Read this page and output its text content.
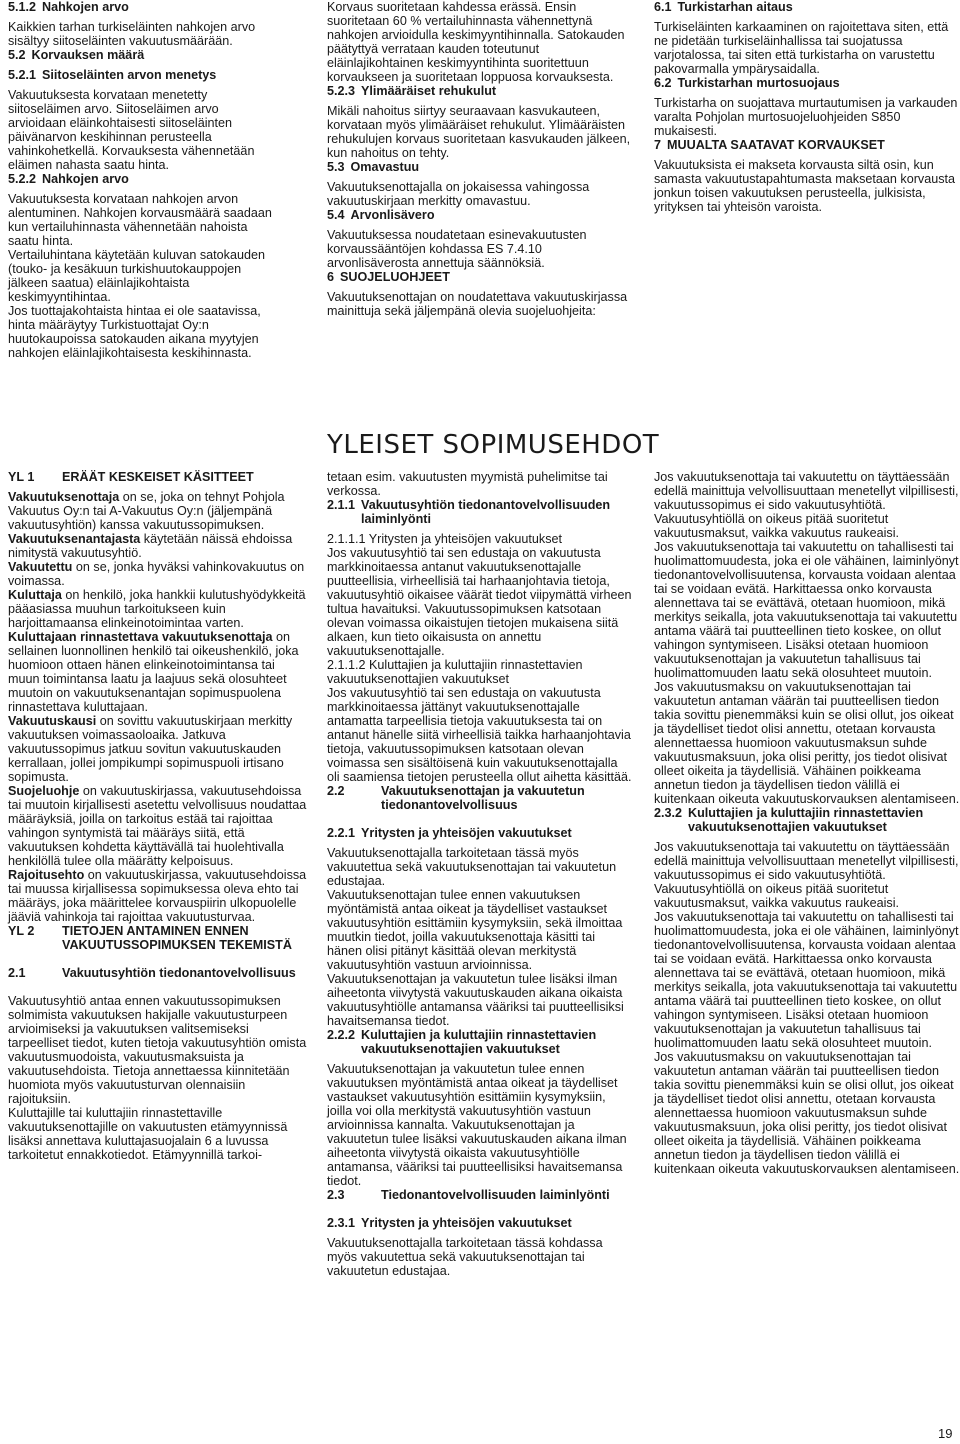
5.1.2 Nahkojen arvo

Kaikkien tarhan turkiseläinten nahkojen arvo sisältyy siitoseläinten vakuutusmäärään.

5.2 Korvauksen määrä
5.2.1 Siitoseläinten arvon menetys

Vakuutuksesta korvataan menetetty siitoseläimen arvo. Siitoseläimen arvo arvioidaan eläinkohtaisesti siitoseläinten päivänarvon keskihinnan perusteella vahinkohetkellä. Korvauksesta vähennetään eläimen nahasta saatu hinta.

5.2.2 Nahkojen arvo

Vakuutuksesta korvataan nahkojen arvon alentuminen. Nahkojen korvausmäärä saadaan kun vertailuhinnasta vähennetään nahoista saatu hinta.

Vertailuhintana käytetään kuluvan satokauden (touko- ja kesäkuun turkishuutokauppojen jälkeen saatua) eläinlajikohtaista keskimyyntihintaa.

Jos tuottajakohtaista hintaa ei ole saatavissa, hinta määräytyy Turkistuottajat Oy:n huutokaupoissa satokauden aikana myytyjen nahkojen eläinlajikohtaisesta keskihinnasta.

Korvaus suoritetaan kahdessa erässä. Ensin suoritetaan 60 % vertailuhinnasta vähennettynä nahkojen arvioidulla keskimyyntihinnalla. Satokauden päätyttyä verrataan kauden toteutunut eläinlajikohtainen keskimyyntihinta suoritettuun korvaukseen ja suoritetaan loppuosa korvauksesta.

5.2.3 Ylimääräiset rehukulut

Mikäli nahoitus siirtyy seuraavaan kasvukauteen, korvataan myös ylimääräiset rehukulut. Ylimääräisten rehukulujen korvaus suoritetaan kasvukauden jälkeen, kun nahoitus on tehty.

5.3 Omavastuu

Vakuutuksenottajalla on jokaisessa vahingossa vakuutuskirjaan merkitty omavastuu.

5.4 Arvonlisävero

Vakuutuksessa noudatetaan esinevakuutusten korvaussääntöjen kohdassa ES 7.4.10 arvonlisäverosta annettuja säännöksiä.

6 SUOJELUOHJEET

Vakuutuksenottajan on noudatettava vakuutuskirjassa mainittuja sekä jäljempänä olevia suojeluohjeita:

6.1 Turkistarhan aitaus

Turkiseläinten karkaaminen on rajoitettava siten, että ne pidetään turkiseläinhallissa tai suojatussa varjotalossa, tai siten että turkistarha on varustettu pakovarmalla ympärysaidalla.

6.2 Turkistarhan murtosuojaus

Turkistarha on suojattava murtautumisen ja varkauden varalta Pohjolan murtosuojeluohjeiden S850 mukaisesti.

7 MUUALTA SAATAVAT KORVAUKSET

Vakuutuksista ei makseta korvausta siltä osin, kun samasta vakuutustapahtumasta maksetaan korvausta jonkun toisen vakuutuksen perusteella, julkisista, yrityksen tai yhteisön varoista.

YLEISET SOPIMUSEHDOT
YL 1	ERÄÄT KESKEISET KÄSITTEET

Vakuutuksenottaja on se, joka on tehnyt Pohjola Vakuutus Oy:n tai A-Vakuutus Oy:n (jäljempänä vakuutusyhtiön) kanssa vakuutussopimuksen.

Vakuutuksenantajasta käytetään näissä ehdoissa nimitystä vakuutusyhtiö.

Vakuutettu on se, jonka hyväksi vahinkovakuutus on voimassa.

Kuluttaja on henkilö, joka hankkii kulutushyödykkeitä pääasiassa muuhun tarkoitukseen kuin harjoittamaansa elinkeinotoimintaa varten.

Kuluttajaan rinnastettava vakuutuksenottaja on sellainen luonnollinen henkilö tai oikeushenkilö, joka huomioon ottaen hänen elinkeinotoimintansa tai muun toimintansa laatu ja laajuus sekä olosuhteet muutoin on vakuutuksenantajan sopimuspuolena rinnastettava kuluttajaan.

Vakuutuskausi on sovittu vakuutuskirjaan merkitty vakuutuksen voimassaoloaika. Jatkuva vakuutussopimus jatkuu sovitun vakuutuskauden kerrallaan, jollei jompikumpi sopimuspuoli irtisano sopimusta.

Suojeluohje on vakuutuskirjassa, vakuutusehdoissa tai muutoin kirjallisesti asetettu velvollisuus noudattaa määräyksiä, joilla on tarkoitus estää tai rajoittaa vahingon syntymistä tai määräys siitä, että vakuutuksen kohdetta käyttävällä tai huolehtivalla henkilöllä tulee olla määrätty kelpoisuus.

Rajoitusehto on vakuutuskirjassa, vakuutusehdoissa tai muussa kirjallisessa sopimuksessa oleva ehto tai määräys, joka määrittelee korvauspiirin ulkopuolelle jääviä vahinkoja tai rajoittaa vakuutusturvaa.

YL 2	TIETOJEN ANTAMINEN ENNEN VAKUUTUSSOPIMUKSEN TEKEMISTÄ
2.1	Vakuutusyhtiön tiedonantovelvollisuus

Vakuutusyhtiö antaa ennen vakuutussopimuksen solmimista vakuutuksen hakijalle vakuutusturpeen arvioimiseksi ja vakuutuksen valitsemiseksi tarpeelliset tiedot, kuten tietoja vakuutusyhtiön omista vakuutusmuodoista, vakuutusmaksuista ja vakuutusehdoista. Tietoja annettaessa kiinnitetään huomiota myös vakuutusturvan olennaisiin rajoituksiin.

Kuluttajille tai kuluttajiin rinnastettaville vakuutuksenottajille on vakuutusten etämyynnissä lisäksi annettava kuluttajasuojalain 6 a luvussa tarkoitetut ennakkotiedot. Etämyynnillä tarkoi-

tetaan esim. vakuutusten myymistä puhelimitse tai verkossa.

2.1.1 Vakuutusyhtiön tiedonantovelvollisuuden laiminlyönti

2.1.1.1 Yritysten ja yhteisöjen vakuutukset
Jos vakuutusyhtiö tai sen edustaja on vakuutusta markkinoitaessa antanut vakuutuksenottajalle puutteellisia, virheellisiä tai harhaanjohtavia tietoja, vakuutusyhtiö oikaisee väärät tiedot viipymättä virheen tultua havaituksi. Vakuutussopimuksen katsotaan olevan voimassa oikaistujen tietojen mukaisena siitä alkaen, kun tieto oikaisusta on annettu vakuutuksenottajalle.

2.1.1.2 Kuluttajien ja kuluttajiin rinnastettavien vakuutuksenottajien vakuutukset
Jos vakuutusyhtiö tai sen edustaja on vakuutusta markkinoitaessa jättänyt vakuutuksenottajalle antamatta tarpeellisia tietoja vakuutuksesta tai on antanut hänelle siitä virheellisiä taikka harhaanjohtavia tietoja, vakuutussopimuksen katsotaan olevan voimassa sen sisältöisenä kuin vakuutuksenottajalla oli saamiensa tietojen perusteella ollut aihetta käsittää.

2.2	Vakuutuksenottajan ja vakuutetun tiedonantovelvollisuus
2.2.1 Yritysten ja yhteisöjen vakuutukset

Vakuutuksenottajalla tarkoitetaan tässä myös vakuutettua sekä vakuutuksenottajan tai vakuutetun edustajaa.

Vakuutuksenottajan tulee ennen vakuutuksen myöntämistä antaa oikeat ja täydelliset vastaukset vakuutusyhtiön esittämiin kysymyksiin, sekä ilmoittaa muutkin tiedot, joilla vakuutuksenottaja käsitti tai hänen olisi pitänyt käsittää olevan merkitystä vakuutusyhtiön vastuun arvioinnissa. Vakuutuksenottajan ja vakuutetun tulee lisäksi ilman aiheetonta viivytystä vakuutuskauden aikana oikaista vakuutusyhtiölle antamansa vääriksi tai puutteellisiksi havaitsemansa tiedot.

2.2.2 Kuluttajien ja kuluttajiin rinnastettavien vakuutuksenottajien vakuutukset

Vakuutuksenottajan ja vakuutetun tulee ennen vakuutuksen myöntämistä antaa oikeat ja täydelliset vastaukset vakuutusyhtiön esittämiin kysymyksiin, joilla voi olla merkitystä vakuutusyhtiön vastuun arvioinnissa kannalta. Vakuutuksenottajan ja vakuutetun tulee lisäksi vakuutuskauden aikana ilman aiheetonta viivytystä oikaista vakuutusyhtiölle antamansa, vääriksi tai puutteellisiksi havaitsemansa tiedot.

2.3	Tiedonantovelvollisuuden laiminlyönti
2.3.1 Yritysten ja yhteisöjen vakuutukset

Vakuutuksenottajalla tarkoitetaan tässä kohdassa myös vakuutettua sekä vakuutuksenottajan tai vakuutetun edustajaa.

Jos vakuutuksenottaja tai vakuutettu on täyttäessään edellä mainittuja velvollisuuttaan menetellyt vilpillisesti, vakuutussopimus ei sido vakuutusyhtiötä. Vakuutusyhtiöllä on oikeus pitää suoritetut vakuutusmaksut, vaikka vakuutus raukeaisi.

Jos vakuutuksenottaja tai vakuutettu on tahallisesti tai huolimattomuudesta, joka ei ole vähäinen, laiminlyönyt tiedonantovelvollisuutensa, korvausta voidaan alentaa tai se voidaan evätä. Harkittaessa onko korvausta alennettava tai se evättävä, otetaan huomioon, mikä merkitys seikalla, jota vakuutuksenottaja tai vakuutettu antama väärä tai puutteellinen tieto koskee, on ollut vahingon syntymiseen. Lisäksi otetaan huomioon vakuutuksenottajan ja vakuutetun tahallisuus tai huolimattomuuden laatu sekä olosuhteet muutoin.

Jos vakuutusmaksu on vakuutuksenottajan tai vakuutetun antaman väärän tai puutteellisen tiedon takia sovittu pienemmäksi kuin se olisi ollut, jos oikeat ja täydelliset tiedot olisi annettu, otetaan korvausta alennettaessa huomioon vakuutusmaksun suhde vakuutusmaksuun, joka olisi peritty, jos tiedot olisivat olleet oikeita ja täydellisiä. Vähäinen poikkeama annetun tiedon ja täydellisen tiedon välillä ei kuitenkaan oikeuta vakuutuskorvauksen alentamiseen.

2.3.2 Kuluttajien ja kuluttajiin rinnastettavien vakuutuksenottajien vakuutukset

Jos vakuutuksenottaja tai vakuutettu on täyttäessään edellä mainittuja velvollisuuttaan menetellyt vilpillisesti, vakuutussopimus ei sido vakuutusyhtiötä. Vakuutusyhtiöllä on oikeus pitää suoritetut vakuutusmaksut, vaikka vakuutus raukeaisi.

Jos vakuutuksenottaja tai vakuutettu on tahallisesti tai huolimattomuudesta, joka ei ole vähäinen, laiminlyönyt tiedonantovelvollisuutensa, korvausta voidaan alentaa tai se voidaan evätä. Harkittaessa onko korvausta alennettava tai se evättävä, otetaan huomioon, mikä merkitys seikalla, jota vakuutuksenottaja tai vakuutettu antama väärä tai puutteellinen tieto koskee, on ollut vahingon syntymiseen. Lisäksi otetaan huomioon vakuutuksenottajan ja vakuutetun tahallisuus tai huolimattomuuden laatu sekä olosuhteet muutoin.

Jos vakuutusmaksu on vakuutuksenottajan tai vakuutetun antaman väärän tai puutteellisen tiedon takia sovittu pienemmäksi kuin se olisi ollut, jos oikeat ja täydelliset tiedot olisi annettu, otetaan korvausta alennettaessa huomioon vakuutusmaksun suhde vakuutusmaksuun, joka olisi peritty, jos tiedot olisivat olleet oikeita ja täydellisiä. Vähäinen poikkeama annetun tiedon ja täydellisen tiedon välillä ei kuitenkaan oikeuta vakuutuskorvauksen alentamiseen.

19
